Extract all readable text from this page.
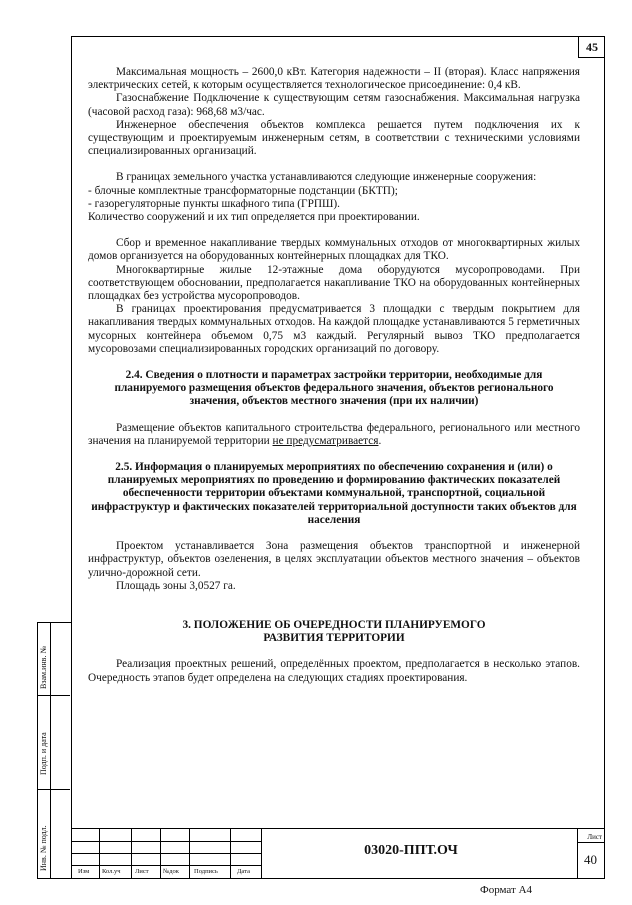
45

Максимальная мощность – 2600,0 кВт. Категория надежности – II (вторая). Класс напряжения электрических сетей, к которым осуществляется технологическое присоединение: 0,4 кВ.

Газоснабжение Подключение к существующим сетям газоснабжения. Максимальная нагрузка (часовой расход газа): 968,68 м3/час.

Инженерное обеспечения объектов комплекса решается путем подключения их к существующим и проектируемым инженерным сетям, в соответствии с техническими условиями специализированных организаций.

В границах земельного участка устанавливаются следующие инженерные сооружения:

- блочные комплектные трансформаторные подстанции (БКТП);

- газорегуляторные пункты шкафного типа (ГРПШ).

Количество сооружений и их тип определяется при проектировании.

Сбор и временное накапливание твердых коммунальных отходов от многоквартирных жилых домов организуется на оборудованных контейнерных площадках для ТКО.

Многоквартирные жилые 12-этажные дома оборудуются мусоропроводами. При соответствующем обосновании, предполагается накапливание ТКО на оборудованных контейнерных площадках без устройства мусоропроводов.

В границах проектирования предусматривается 3 площадки с твердым покрытием для накапливания твердых коммунальных отходов. На каждой площадке устанавливаются 5 герметичных мусорных контейнера объемом 0,75 м3 каждый. Регулярный вывоз ТКО предполагается мусоровозами специализированных городских организаций по договору.

2.4. Сведения о плотности и параметрах застройки территории, необходимые для планируемого размещения объектов федерального значения, объектов регионального значения, объектов местного значения (при их наличии)

Размещение объектов капитального строительства федерального, регионального или местного значения на планируемой территории не предусматривается.

2.5. Информация о планируемых мероприятиях по обеспечению сохранения и (или) о планируемых мероприятиях по проведению и формированию фактических показателей обеспеченности территории объектами коммунальной, транспортной, социальной инфраструктур и фактических показателей территориальной доступности таких объектов для населения

Проектом устанавливается Зона размещения объектов транспортной и инженерной инфраструктур, объектов озеленения, в целях эксплуатации объектов местного значения – объектов улично-дорожной сети.

Площадь зоны 3,0527 га.

3. ПОЛОЖЕНИЕ ОБ ОЧЕРЕДНОСТИ ПЛАНИРУЕМОГО

РАЗВИТИЯ ТЕРРИТОРИИ

Реализация проектных решений, определённых проектом, предполагается в несколько этапов. Очередность этапов будет определена на следующих стадиях проектирования.

Взам.инв. №
Подп. и дата
Инв. № подл.
Изм Кол.уч Лист №док Подпись	Дата
03020-ППТ.ОЧ
Лист
40
Формат А4
